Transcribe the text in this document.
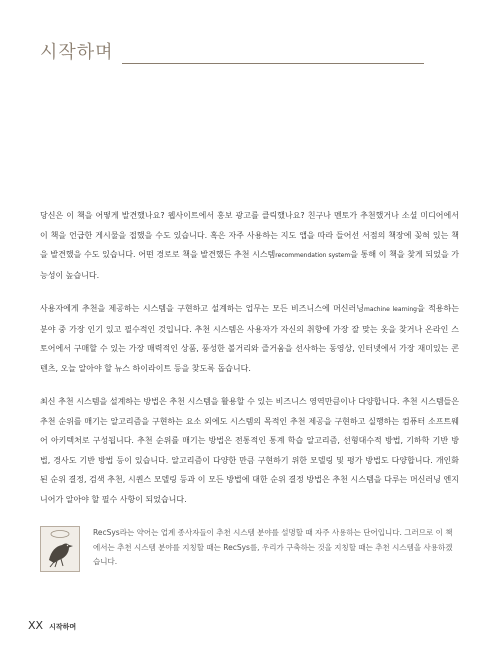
시작하며

당신은 이 책을 어떻게 발견했나요? 웹사이트에서 홍보 광고를 클릭했나요? 친구나 멘토가 추천했거나 소셜 미디어에서 이 책을 언급한 게시물을 접했을 수도 있습니다. 혹은 자주 사용하는 지도 앱을 따라 들어선 서점의 책장에 꽂혀 있는 책을 발견했을 수도 있습니다. 어떤 경로로 책을 발견했든 추천 시스템recommendation system을 통해 이 책을 찾게 되었을 가능성이 높습니다.

사용자에게 추천을 제공하는 시스템을 구현하고 설계하는 업무는 모든 비즈니스에 머신러닝machine learning을 적용하는 분야 중 가장 인기 있고 필수적인 것입니다. 추천 시스템은 사용자가 자신의 취향에 가장 잘 맞는 옷을 찾거나 온라인 스토어에서 구매할 수 있는 가장 매력적인 상품, 풍성한 볼거리와 즐거움을 선사하는 동영상, 인터넷에서 가장 재미있는 콘텐츠, 오늘 알아야 할 뉴스 하이라이트 등을 찾도록 돕습니다.

최신 추천 시스템을 설계하는 방법은 추천 시스템을 활용할 수 있는 비즈니스 영역만큼이나 다양합니다. 추천 시스템들은 추천 순위를 매기는 알고리즘을 구현하는 요소 외에도 시스템의 목적인 추천 제공을 구현하고 실행하는 컴퓨터 소프트웨어 아키텍처로 구성됩니다. 추천 순위를 매기는 방법은 전통적인 통계 학습 알고리즘, 선형대수적 방법, 기하학 기반 방법, 경사도 기반 방법 등이 있습니다. 알고리즘이 다양한 만큼 구현하기 위한 모델링 및 평가 방법도 다양합니다. 개인화된 순위 결정, 검색 추천, 시퀀스 모델링 등과 이 모든 방법에 대한 순위 결정 방법은 추천 시스템을 다루는 머신러닝 엔지니어가 알아야 할 필수 사항이 되었습니다.

RecSys라는 약어는 업계 종사자들이 추천 시스템 분야를 설명할 때 자주 사용하는 단어입니다. 그러므로 이 책에서는 추천 시스템 분야를 지칭할 때는 RecSys를, 우리가 구축하는 것을 지칭할 때는 추천 시스템을 사용하겠습니다.
XX 시작하며
